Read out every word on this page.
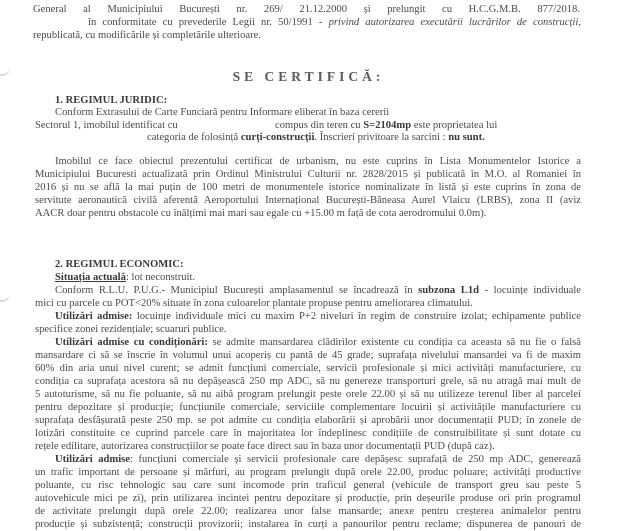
General al Municipiului București nr. 269/ 21.12.2000 și prelungit cu H.C.G.M.B. 877/2018.
în conformitate cu prevederile Legii nr. 50/1991 - privind autorizarea executării lucrărilor de construcții,
republicată, cu modificările și completările ulterioare.
SE CERTIFICĂ:
1. REGIMUL JURIDIC:
Conform Extrasului de Carte Funciară pentru Informare eliberat în baza cererii
Sectorul 1, imobilul identificat cu	compus din teren cu S=2104mp este proprietatea lui
categoria de folosință curți-construcții. Înscrieri privitoare la sarcini : nu sunt.
Imobilul ce face obiectul prezentului certificat de urbanism, nu este cuprins în Lista Monumentelor Istorice a
Municipiului Bucuresti actualizată prin Ordinul Ministrului Culturii nr. 2828/2015 și publicată în M.O. al Romaniei în
2016 și nu se află la mai puțin de 100 metri de monumentele istorice nominalizate în listă și este cuprins în zona de
servitute aeronautică civilă aferentă Aeroportului Internațional București-Băneasa Aurel Vlaicu (LRBS), zona II (aviz
AACR doar pentru obstacole cu înălțimi mai mari sau egale cu +15.00 m față de cota aerodromului 0.0m).
2. REGIMUL ECONOMIC:
Situația actuală: lot neconstruit.
Conform R.L.U. P.U.G.- Municipiul București amplasamentul se încadrează în subzona L1d - locuințe individuale
mici cu parcele cu POT<20% situate în zona culoarelor plantate propuse pentru ameliorarea climatului.
Utilizări admise: locuințe individuale mici cu maxim P+2 niveluri în regim de construire izolat; echipamente publice
specifice zonei rezidențiale; scuaruri publice.
Utilizări admise cu condiționări: se admite mansardarea clădirilor existente cu condiția ca aceasta să nu fie o falsă
mansardare ci să se înscrie în volumul unui acoperiș cu pantă de 45 grade; suprafața nivelului mansardei va fi de maxim
60% din aria unui nivel curent; se admit funcțiuni comerciale, servicii profesionale și mici activități manufacturiere, cu
condiția ca suprafața acestora să nu depășească 250 mp ADC, să nu genereze transporturi grele, să nu atragă mai mult de
5 autoturisme, să nu fie poluante, să nu aibă program prelungit peste orele 22.00 și să nu utilizeze terenul liber al parcelei
pentru depozitare și producție; funcțiunile comerciale, serviciile complementare locuirii și activitățile manufacturiere cu
suprafața desfășurată peste 250 mp. se pot admite cu condiția elaborării și aprobării unor documentații PUD; în zonele de
lotizări constituite ce cuprind parcele care în majoritatea lor îndeplinesc condițiile de construibilitate și sunt dotate cu
rețele edilitare, autorizarea construcțiilor se poate face direct sau în baza unor documentații PUD (după caz).
Utilizări admise: funcțiuni comerciale și servicii profesionale care depășesc suprafață de 250 mp ADC, generează
un trafic important de persoane și mărfuri, au program prelungit după orele 22.00, produc poluare; activități productive
poluante, cu risc tehnologic sau care sunt incomode prin traficul general (vehicule de transport greu sau peste 5
autovehicule mici pe zi), prin utilizarea incintei pentru depozitare și producție, prin deșeurile produse ori prin programul
de activitate prelungit după orele 22.00; realizarea unor false mansarde; anexe pentru creșterea animalelor pentru
producție și subzistență; construcții provizorii; instalarea în curți a panourilor pentru reclame; dispunerea de panouri de
